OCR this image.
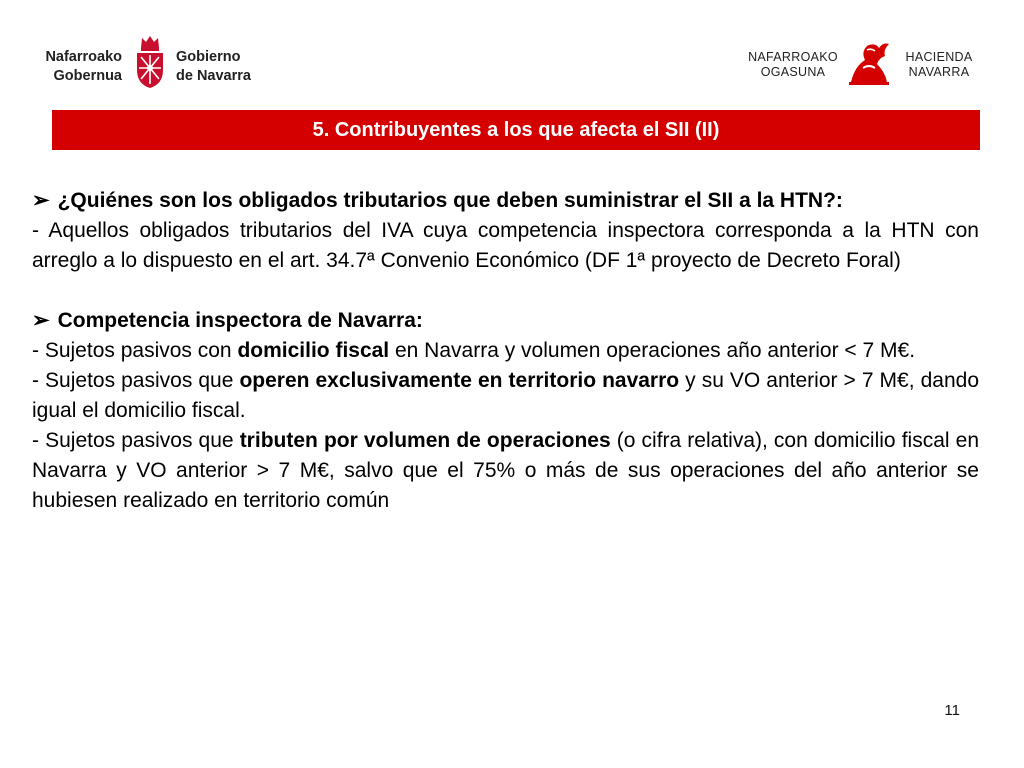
Nafarroako
Gobernua
Gobierno
de Navarra
NAFARROAKO
OGASUNA
HACIENDA
NAVARRA
5. Contribuyentes a los que afecta el SII (II)

➢ ¿Quiénes son los obligados tributarios que deben suministrar el SII a la HTN?:

- Aquellos obligados tributarios del IVA cuya competencia inspectora corresponda a la HTN con arreglo a lo dispuesto en el art. 34.7ª Convenio Económico (DF 1ª proyecto de Decreto Foral)

➢ Competencia inspectora de Navarra:

- Sujetos pasivos con domicilio fiscal en Navarra y volumen operaciones año anterior < 7 M€.

- Sujetos pasivos que operen exclusivamente en territorio navarro y su VO anterior > 7 M€, dando igual el domicilio fiscal.

- Sujetos pasivos que tributen por volumen de operaciones (o cifra relativa), con domicilio fiscal en Navarra y VO anterior > 7 M€, salvo que el 75% o más de sus operaciones del año anterior se hubiesen realizado en territorio común

11
